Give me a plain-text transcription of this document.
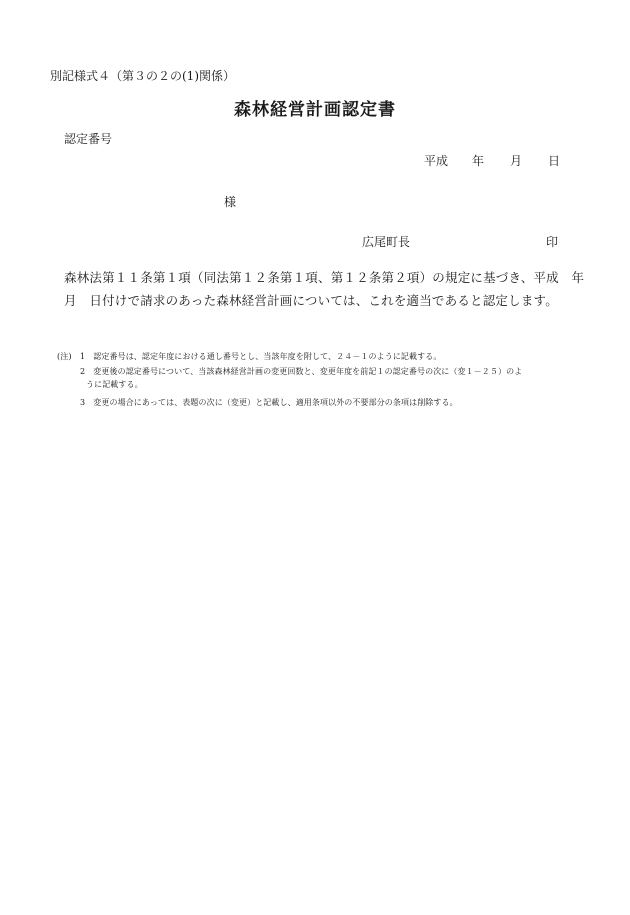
別記様式４（第３の２の(1)関係）
森林経営計画認定書
認定番号
平成 年 月 日
様
広尾町長	印
森林法第１１条第１項（同法第１２条第１項、第１２条第２項）の規定に基づき、平成　年
月　日付けで請求のあった森林経営計画については、これを適当であると認定します。
(注) 1　認定番号は、認定年度における通し番号とし、当該年度を附して、２４－１のように記載する。
2　変更後の認定番号について、当該森林経営計画の変更回数と、変更年度を前記１の認定番号の次に（変１－２５）のよ
うに記載する。
3　変更の場合にあっては、表題の次に（変更）と記載し、適用条項以外の不要部分の条項は削除する。
